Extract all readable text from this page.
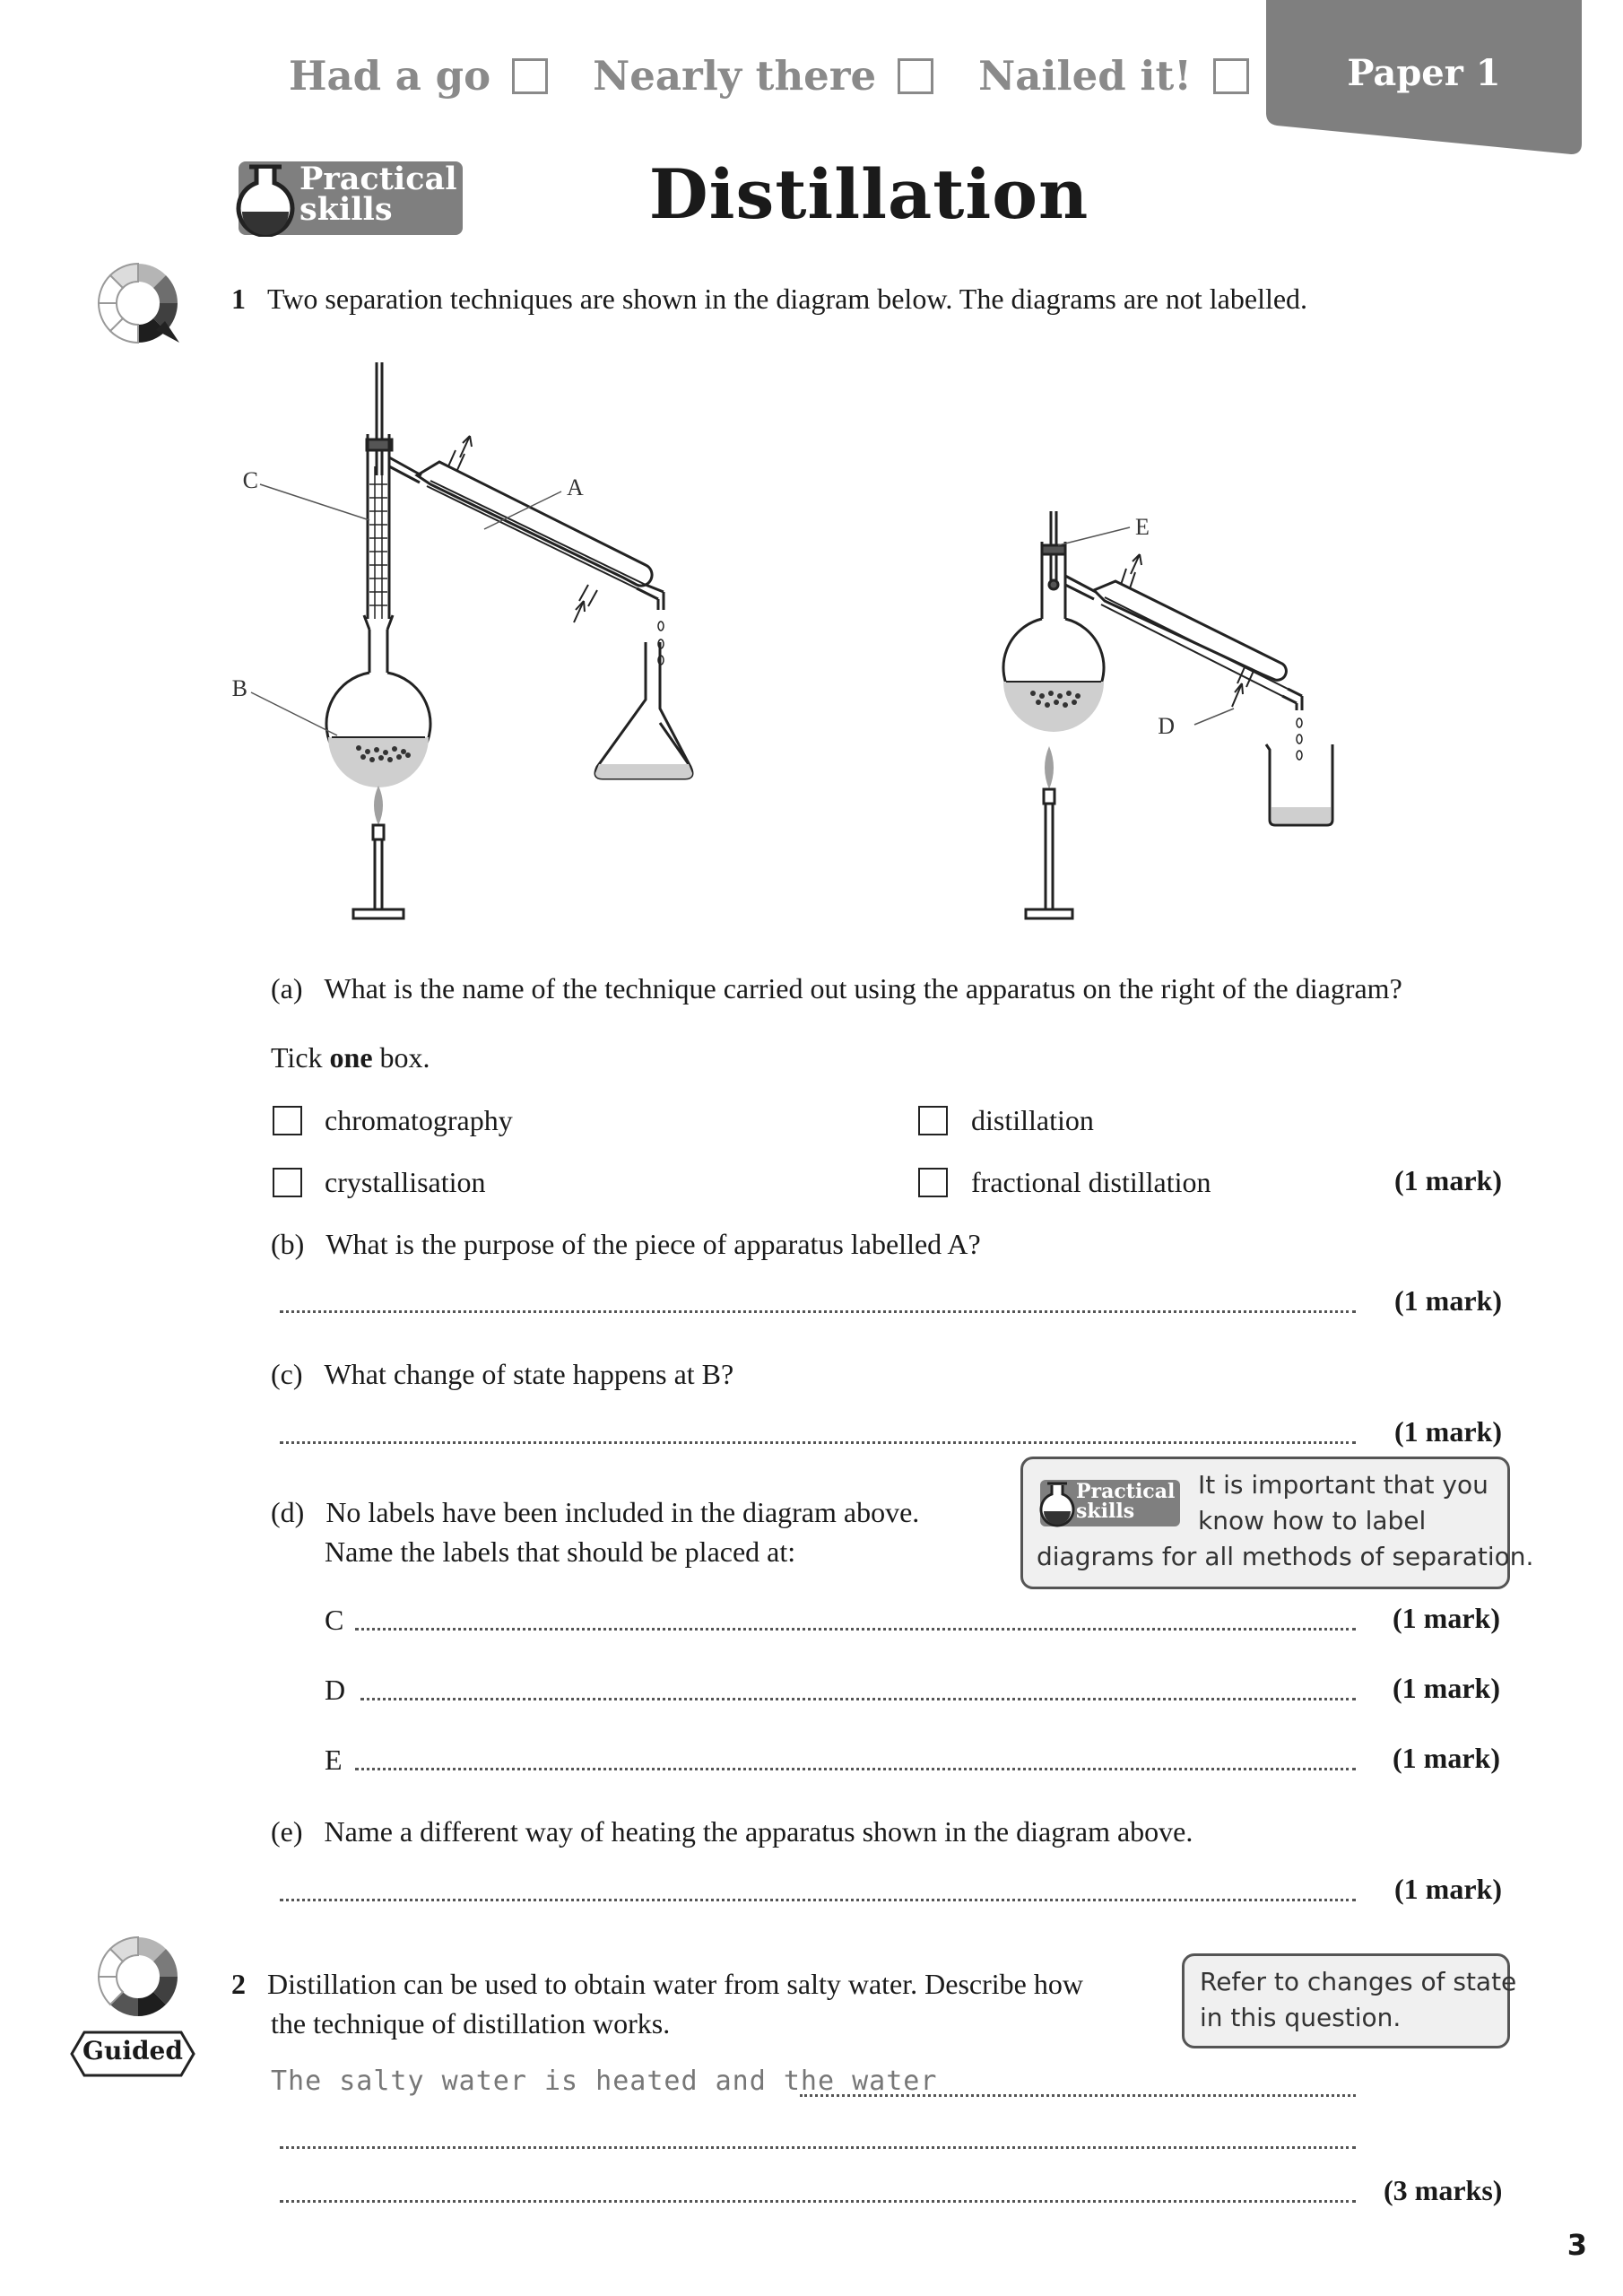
Had a go	Nearly there	Nailed it!	Paper 1
Practical
skills	Distillation
1 Two separation techniques are shown in the diagram below. The diagrams are not labelled.
C	A
B
E
D
(a) What is the name of the technique carried out using the apparatus on the right of the diagram?
Tick one box.
chromatography	distillation
crystallisation	fractional distillation	(1 mark)
(b) What is the purpose of the piece of apparatus labelled A?
(1 mark)
(c) What change of state happens at B?
(1 mark)
(d) No labels have been included in the diagram above.
Name the labels that should be placed at:
Practical
skills
It is important that you
know how to label
diagrams for all methods of separation.
C	(1 mark)
D	(1 mark)
E	(1 mark)
(e) Name a different way of heating the apparatus shown in the diagram above.
(1 mark)
2 Distillation can be used to obtain water from salty water. Describe how
the technique of distillation works.
Refer to changes of state
in this question.
Guided
The salty water is heated and the water
(3 marks)
3
